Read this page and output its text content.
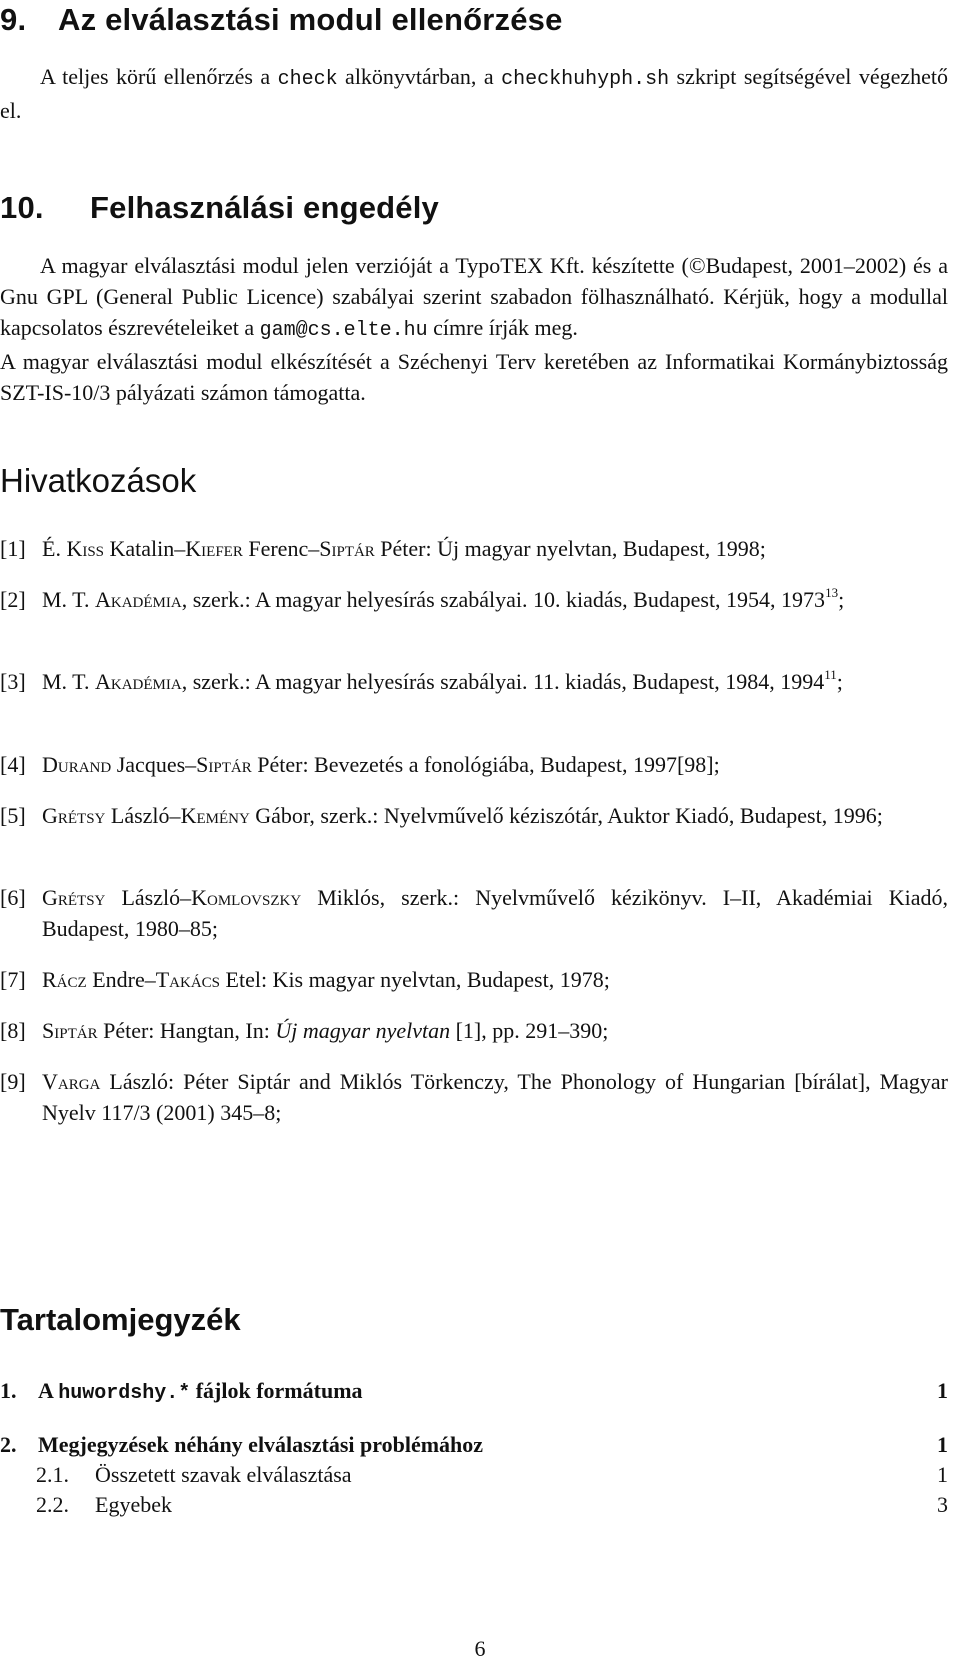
9. Az elválasztási modul ellenőrzése

A teljes körű ellenőrzés a check alkönyvtárban, a checkhuhyph.sh szkript segítségével végezhető el.

10. Felhasználási engedély

A magyar elválasztási modul jelen verzióját a TypoTEX Kft. készítette (©Budapest, 2001–2002) és a Gnu GPL (General Public Licence) szabályai szerint szabadon fölhasználható. Kérjük, hogy a modullal kapcsolatos észrevételeiket a gam@cs.elte.hu címre írják meg.

A magyar elválasztási modul elkészítését a Széchenyi Terv keretében az Informatikai Kormánybiztosság SZT-IS-10/3 pályázati számon támogatta.

Hivatkozások
[1] É. Kiss Katalin–Kiefer Ferenc–Siptár Péter: Új magyar nyelvtan, Budapest, 1998;
[2] M. T. Akadémia, szerk.: A magyar helyesírás szabályai. 10. kiadás, Budapest, 1954, 1973$^{13}$;
[3] M. T. Akadémia, szerk.: A magyar helyesírás szabályai. 11. kiadás, Budapest, 1984, 1994$^{11}$;
[4] Durand Jacques–Siptár Péter: Bevezetés a fonológiába, Budapest, 1997[98];
[5] Grétsy László–Kemény Gábor, szerk.: Nyelvművelő kéziszótár, Auktor Kiadó, Budapest, 1996;
[6] Grétsy László–Komlovszky Miklós, szerk.: Nyelvművelő kézikönyv. I–II, Akadémiai Kiadó, Budapest, 1980–85;
[7] Rácz Endre–Takács Etel: Kis magyar nyelvtan, Budapest, 1978;
[8] Siptár Péter: Hangtan, In: Új magyar nyelvtan [1], pp. 291–390;
[9] Varga László: Péter Siptár and Miklós Törkenczy, The Phonology of Hungarian [bírálat], Magyar Nyelv 117/3 (2001) 345–8;
Tartalomjegyzék
1. A huwordshy.* fájlok formátuma	1
2. Megjegyzések néhány elválasztási problémához	1
2.1. Összetett szavak elválasztása	1
2.2. Egyebek	3
6
